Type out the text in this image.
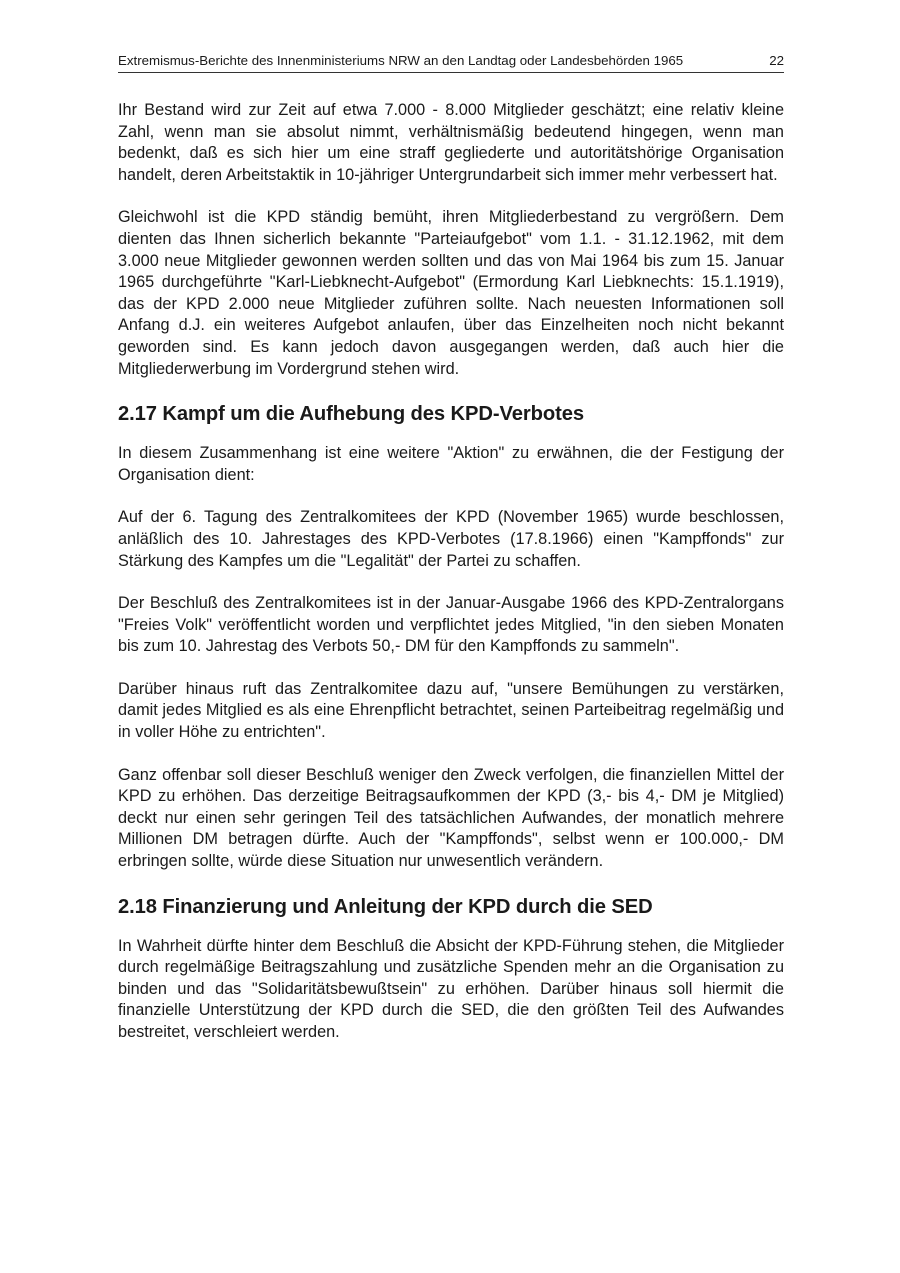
Extremismus-Berichte des Innenministeriums NRW an den Landtag oder Landesbehörden 1965	22

Ihr Bestand wird zur Zeit auf etwa 7.000 - 8.000 Mitglieder geschätzt; eine relativ kleine Zahl, wenn man sie absolut nimmt, verhältnismäßig bedeutend hingegen, wenn man bedenkt, daß es sich hier um eine straff gegliederte und autoritätshörige Organisation handelt, deren Arbeitstaktik in 10-jähriger Untergrundarbeit sich immer mehr verbessert hat.

Gleichwohl ist die KPD ständig bemüht, ihren Mitgliederbestand zu vergrößern. Dem dienten das Ihnen sicherlich bekannte "Parteiaufgebot" vom 1.1. - 31.12.1962, mit dem 3.000 neue Mitglieder gewonnen werden sollten und das von Mai 1964 bis zum 15. Januar 1965 durchgeführte "Karl-Liebknecht-Aufgebot" (Ermordung Karl Liebknechts: 15.1.1919), das der KPD 2.000 neue Mitglieder zuführen sollte. Nach neuesten Informationen soll Anfang d.J. ein weiteres Aufgebot anlaufen, über das Einzelheiten noch nicht bekannt geworden sind. Es kann jedoch davon ausgegangen werden, daß auch hier die Mitgliederwerbung im Vordergrund stehen wird.

2.17 Kampf um die Aufhebung des KPD-Verbotes

In diesem Zusammenhang ist eine weitere "Aktion" zu erwähnen, die der Festigung der Organisation dient:

Auf der 6. Tagung des Zentralkomitees der KPD (November 1965) wurde beschlossen, anläßlich des 10. Jahrestages des KPD-Verbotes (17.8.1966) einen "Kampffonds" zur Stärkung des Kampfes um die "Legalität" der Partei zu schaffen.

Der Beschluß des Zentralkomitees ist in der Januar-Ausgabe 1966 des KPD-Zentralorgans "Freies Volk" veröffentlicht worden und verpflichtet jedes Mitglied, "in den sieben Monaten bis zum 10. Jahrestag des Verbots 50,- DM für den Kampffonds zu sammeln".

Darüber hinaus ruft das Zentralkomitee dazu auf, "unsere Bemühungen zu verstärken, damit jedes Mitglied es als eine Ehrenpflicht betrachtet, seinen Parteibeitrag regelmäßig und in voller Höhe zu entrichten".

Ganz offenbar soll dieser Beschluß weniger den Zweck verfolgen, die finanziellen Mittel der KPD zu erhöhen. Das derzeitige Beitragsaufkommen der KPD (3,- bis 4,- DM je Mitglied) deckt nur einen sehr geringen Teil des tatsächlichen Aufwandes, der monatlich mehrere Millionen DM betragen dürfte. Auch der "Kampffonds", selbst wenn er 100.000,- DM erbringen sollte, würde diese Situation nur unwesentlich verändern.

2.18 Finanzierung und Anleitung der KPD durch die SED

In Wahrheit dürfte hinter dem Beschluß die Absicht der KPD-Führung stehen, die Mitglieder durch regelmäßige Beitragszahlung und zusätzliche Spenden mehr an die Organisation zu binden und das "Solidaritätsbewußtsein" zu erhöhen. Darüber hinaus soll hiermit die finanzielle Unterstützung der KPD durch die SED, die den größten Teil des Aufwandes bestreitet, verschleiert werden.
